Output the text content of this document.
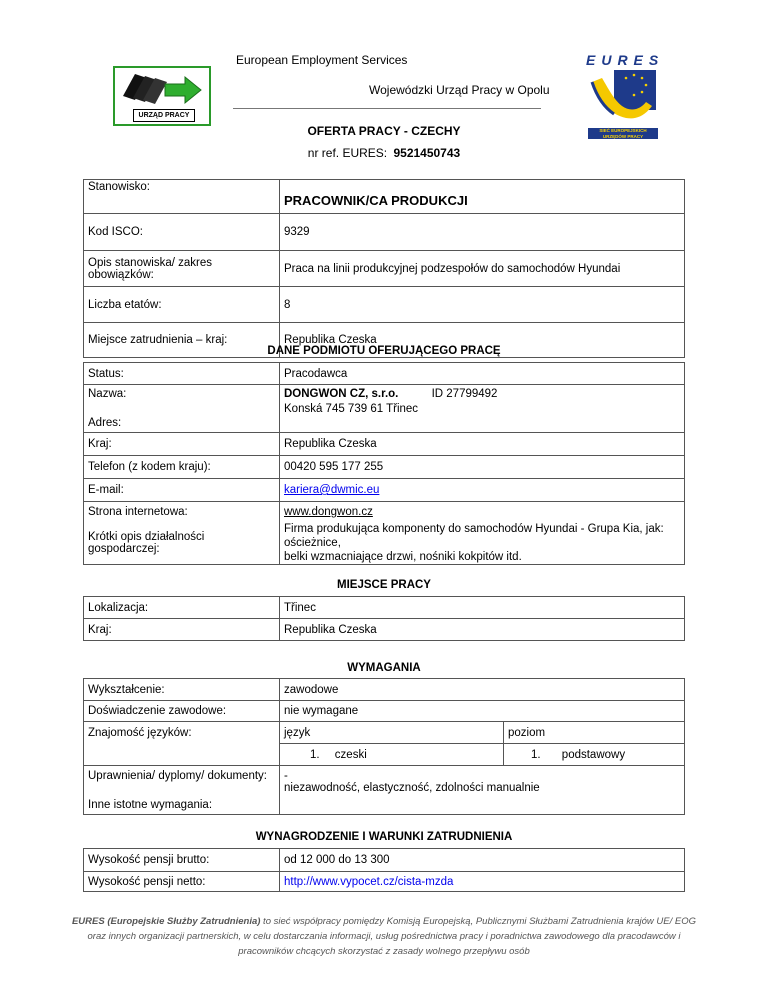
European Employment Services
URZĄD PRACY
Wojewódzki Urząd Pracy w Opolu
EURES
SIEĆ EUROPEJSKICH
URZĘDÓW PRACY
OFERTA PRACY - CZECHY
nr ref. EURES: 9521450743
Stanowisko:	PRACOWNIK/CA PRODUKCJI
Kod ISCO:	9329
Opis stanowiska/ zakres obowiązków:	Praca na linii produkcyjnej podzespołów do samochodów Hyundai
Liczba etatów:	8
Miejsce zatrudnienia – kraj:	Republika Czeska
DANE PODMIOTU OFERUJĄCEGO PRACĘ
Status:	Pracodawca
Nazwa:	DONGWON CZ, s.r.o. ID 27799492
Adres:	Konská 745 739 61 Třinec
Kraj:	Republika Czeska
Telefon (z kodem kraju):	00420 595 177 255
E-mail:	kariera@dwmic.eu
Strona internetowa:	www.dongwon.cz
Krótki opis działalności gospodarczej:	Firma produkująca komponenty do samochodów Hyundai - Grupa Kia, jak: ościeżnice,
belki wzmacniające drzwi, nośniki kokpitów itd.
MIEJSCE PRACY
Lokalizacja:	Třinec
Kraj:	Republika Czeska
WYMAGANIA
Wykształcenie:	zawodowe	
Doświadczenie zawodowe:	nie wymagane	
Znajomość języków:	język	poziom
	1. czeski	1. podstawowy
Uprawnienia/ dyplomy/ dokumenty:	-	
Inne istotne wymagania:	niezawodność, elastyczność, zdolności manualnie	
WYNAGRODZENIE I WARUNKI ZATRUDNIENIA
Wysokość pensji brutto:	od 12 000 do 13 300
Wysokość pensji netto:	http://www.vypocet.cz/cista-mzda
EURES (Europejskie Służby Zatrudnienia) to sieć współpracy pomiędzy Komisją Europejską, Publicznymi Służbami Zatrudnienia krajów UE/ EOG
oraz innych organizacji partnerskich, w celu dostarczania informacji, usług pośrednictwa pracy i poradnictwa zawodowego dla pracodawców i
pracowników chcących skorzystać z zasady wolnego przepływu osób
